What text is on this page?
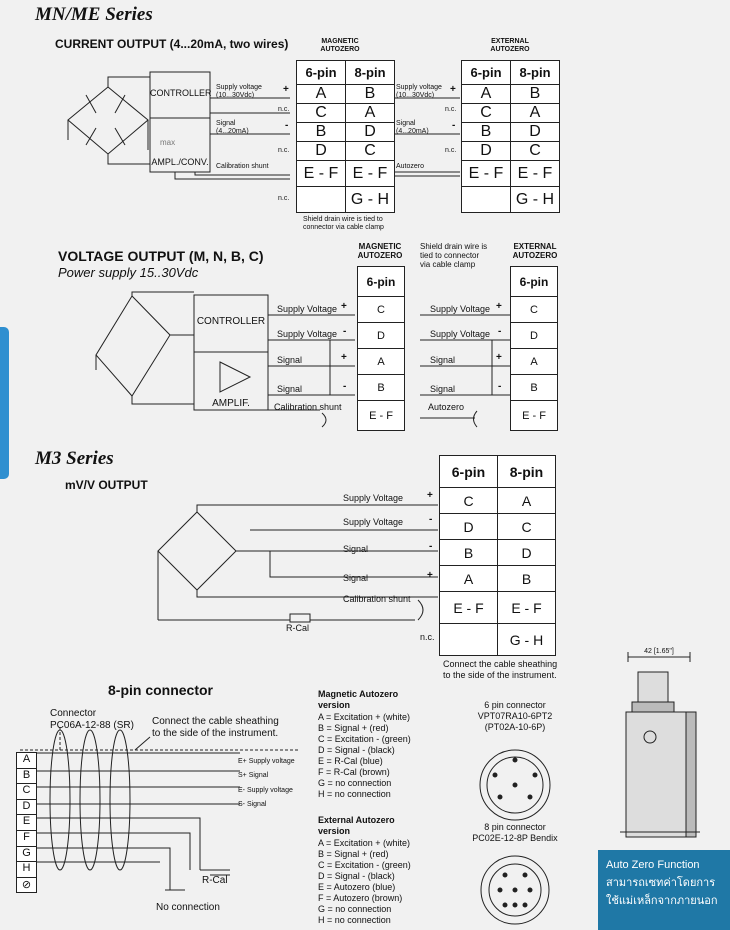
MN/ME Series
CURRENT OUTPUT (4...20mA, two wires)	MAGNETIC
AUTOZERO
EXTERNAL
AUTOZERO
CONTROLLER
max
AMPL./CONV.
Supply voltage
(10...30Vdc)
Signal
(4...20mA)
Calibration shunt
+
-
n.c.
n.c.
n.c.
Supply voltage
(10...30Vdc)
Signal
(4...20mA)
Autozero
+
-
n.c.
n.c.
Shield drain wire is tied to
connector via cable clamp
6-pin	8-pin
A	B
C	A
B	D
D	C
E - F	E - F
	G - H
6-pin	8-pin
A	B
C	A
B	D
D	C
E - F	E - F
	G - H
VOLTAGE OUTPUT (M, N, B, C)
Power supply 15..30Vdc
MAGNETIC
AUTOZERO
Shield drain wire is
tied to connector
via cable clamp
EXTERNAL
AUTOZERO
CONTROLLER
AMPLIF.
Supply Voltage
Supply Voltage
Signal
Signal
Calibration shunt
+
-
+
-
Supply Voltage
Supply Voltage
Signal
Signal
Autozero
+
-
+
-
6-pin
C
D
A
B
E - F
6-pin
C
D
A
B
E - F
M3 Series
mV/V OUTPUT
Supply Voltage
Supply Voltage
Signal
Signal
Calibration shunt
R-Cal
+
-
-
+
n.c.
Connect the cable sheathing
to the side of the instrument.
6-pin	8-pin
C	A
D	C
B	D
A	B
E - F	E - F
	G - H
8-pin connector
Connector
PC06A-12-88 (SR) Connect the cable sheathing
to the side of the instrument.
A
B
C
D
E
F
G
H
⊘
E+ Supply voltage
S+ Signal
E- Supply voltage
S- Signal
R-Cal
No connection
Magnetic Autozero
version
A = Excitation + (white)
B = Signal + (red)
C = Excitation - (green)
D = Signal - (black)
E = R-Cal (blue)
F = R-Cal (brown)
G = no connection
H = no connection
External Autozero
version
A = Excitation + (white)
B = Signal + (red)
C = Excitation - (green)
D = Signal - (black)
E = Autozero (blue)
F = Autozero (brown)
G = no connection
H = no connection
6 pin connector
VPT07RA10-6PT2
(PT02A-10-6P)
8 pin connector
PC02E-12-8P Bendix
42 [1.65"]
Auto Zero Function
สามารถเซทค่าโดยการ
ใช้แม่เหล็กจากภายนอก
